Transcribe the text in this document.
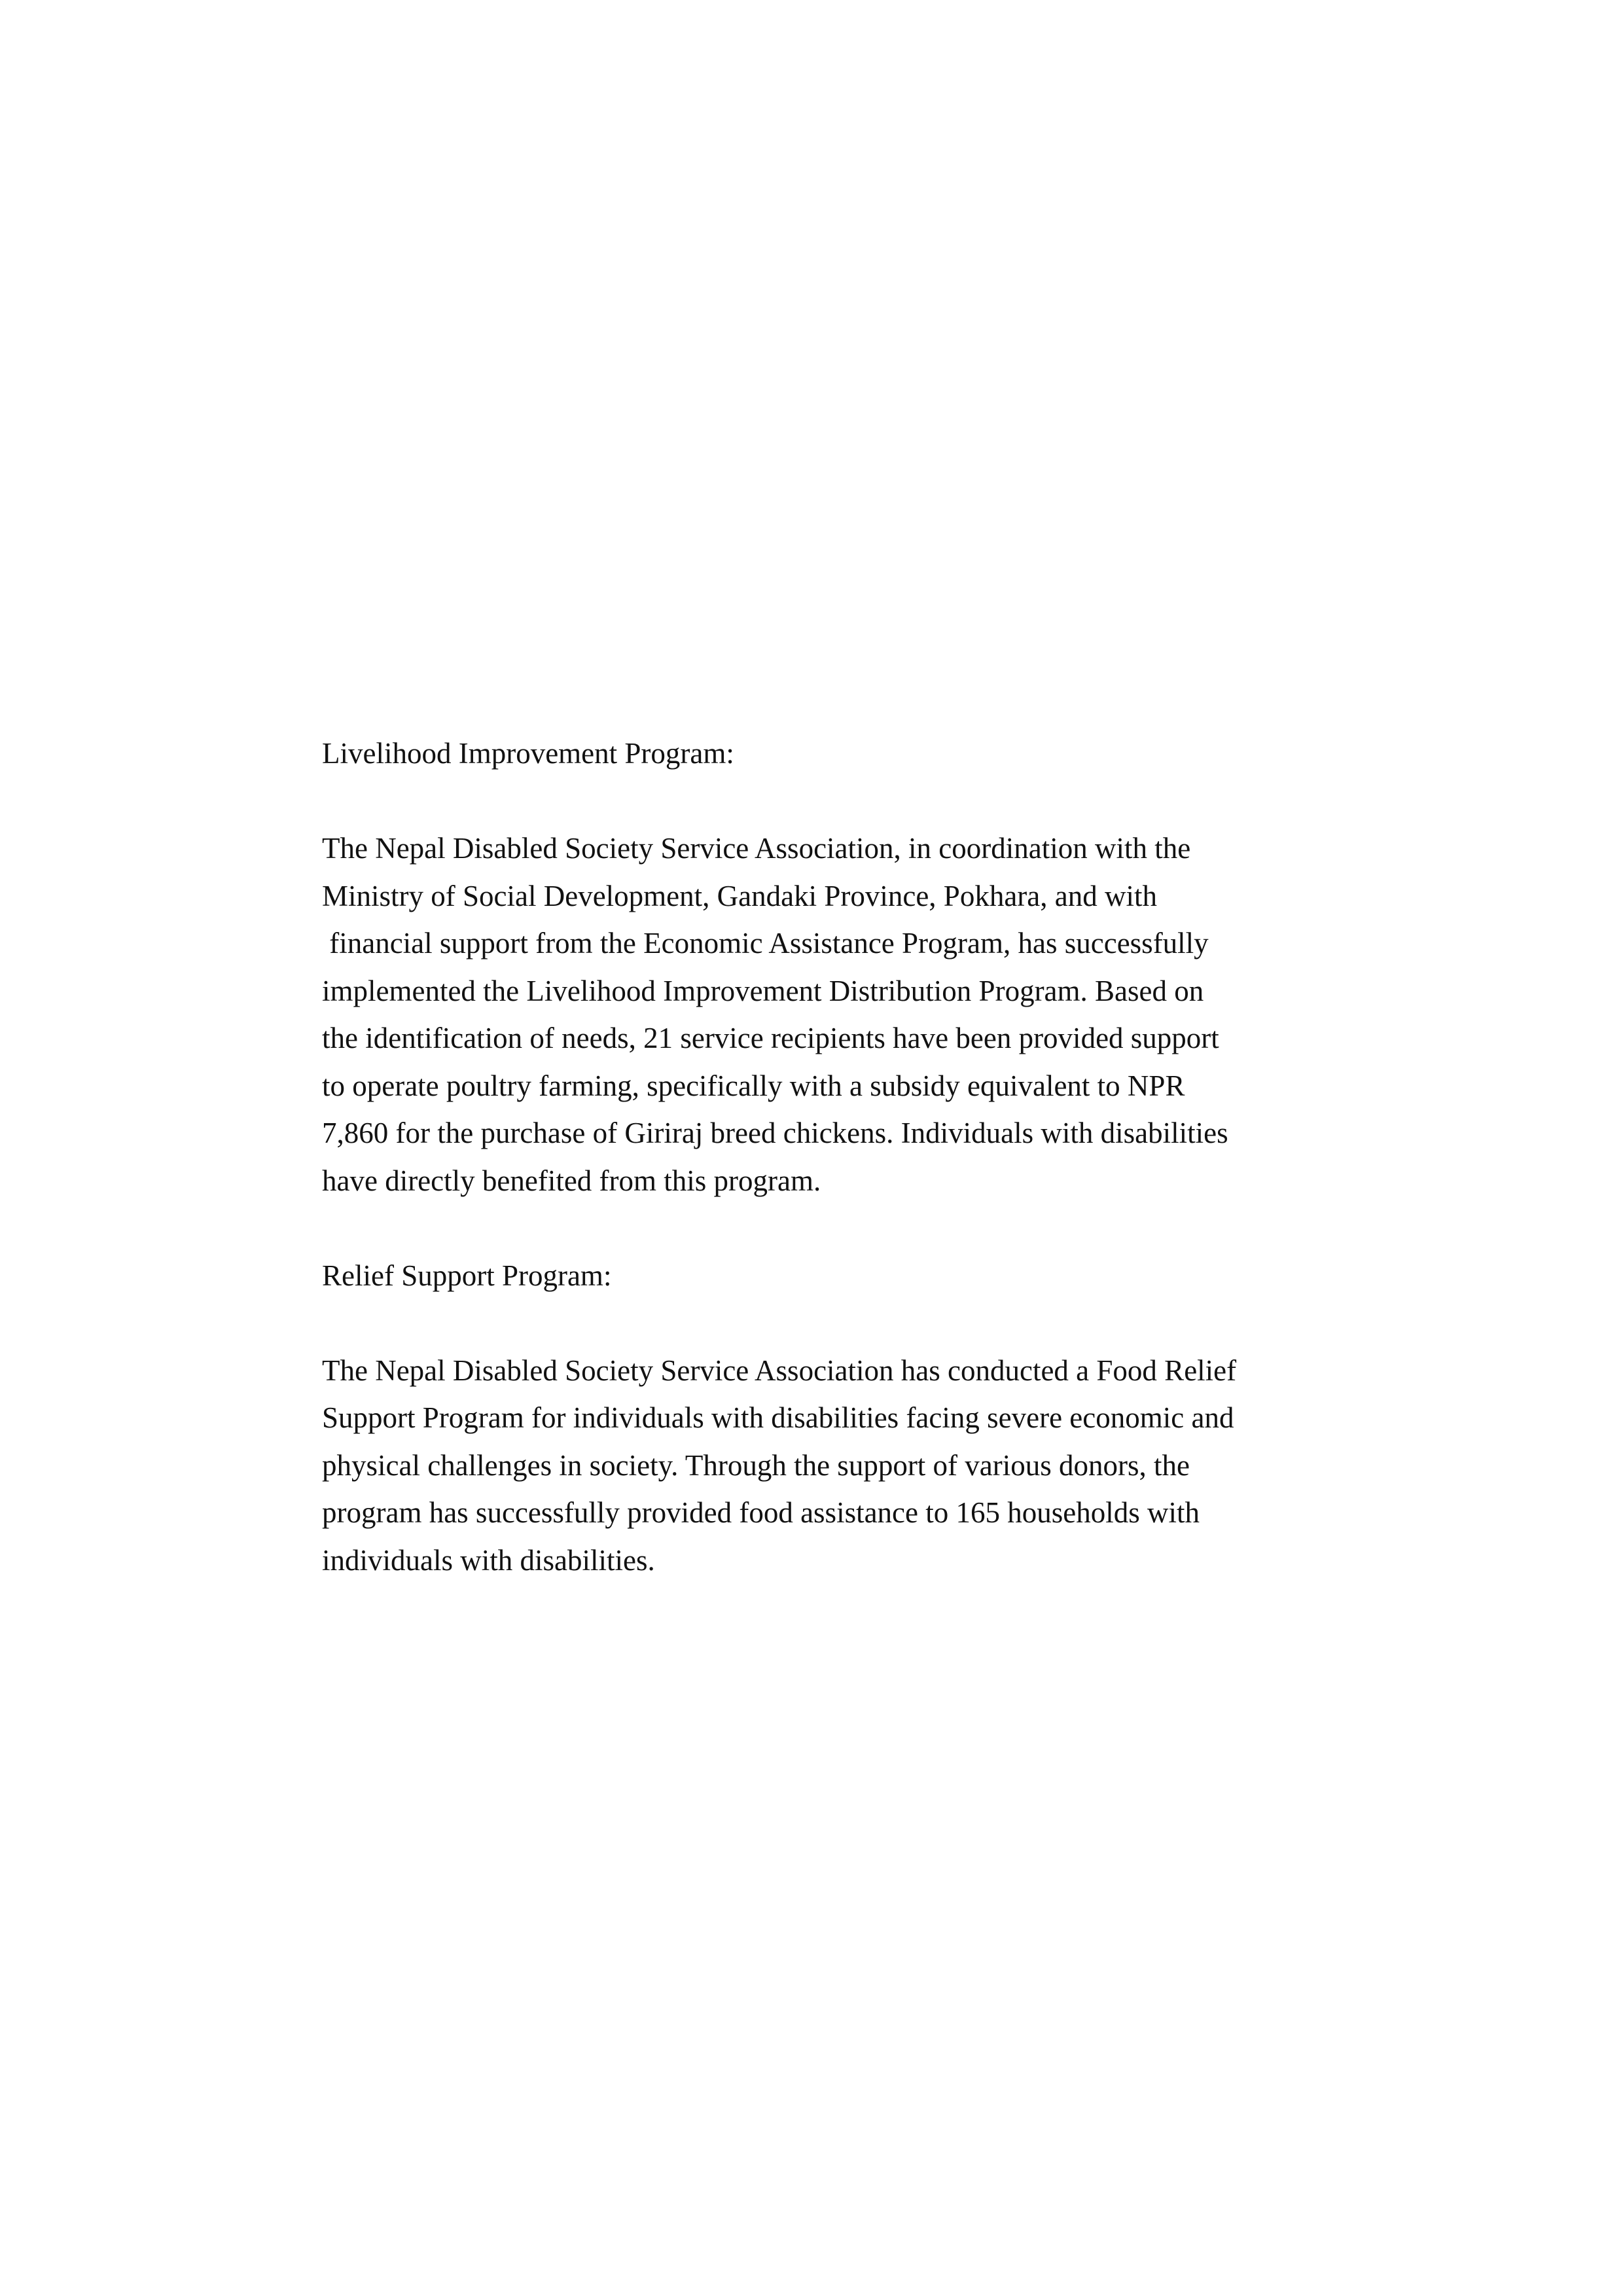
Livelihood Improvement Program:
The Nepal Disabled Society Service Association, in coordination with the
Ministry of Social Development, Gandaki Province, Pokhara, and with
financial support from the Economic Assistance Program, has successfully
implemented the Livelihood Improvement Distribution Program. Based on
the identification of needs, 21 service recipients have been provided support
to operate poultry farming, specifically with a subsidy equivalent to NPR
7,860 for the purchase of Giriraj breed chickens. Individuals with disabilities
have directly benefited from this program.
Relief Support Program:
The Nepal Disabled Society Service Association has conducted a Food Relief
Support Program for individuals with disabilities facing severe economic and
physical challenges in society. Through the support of various donors, the
program has successfully provided food assistance to 165 households with
individuals with disabilities.
